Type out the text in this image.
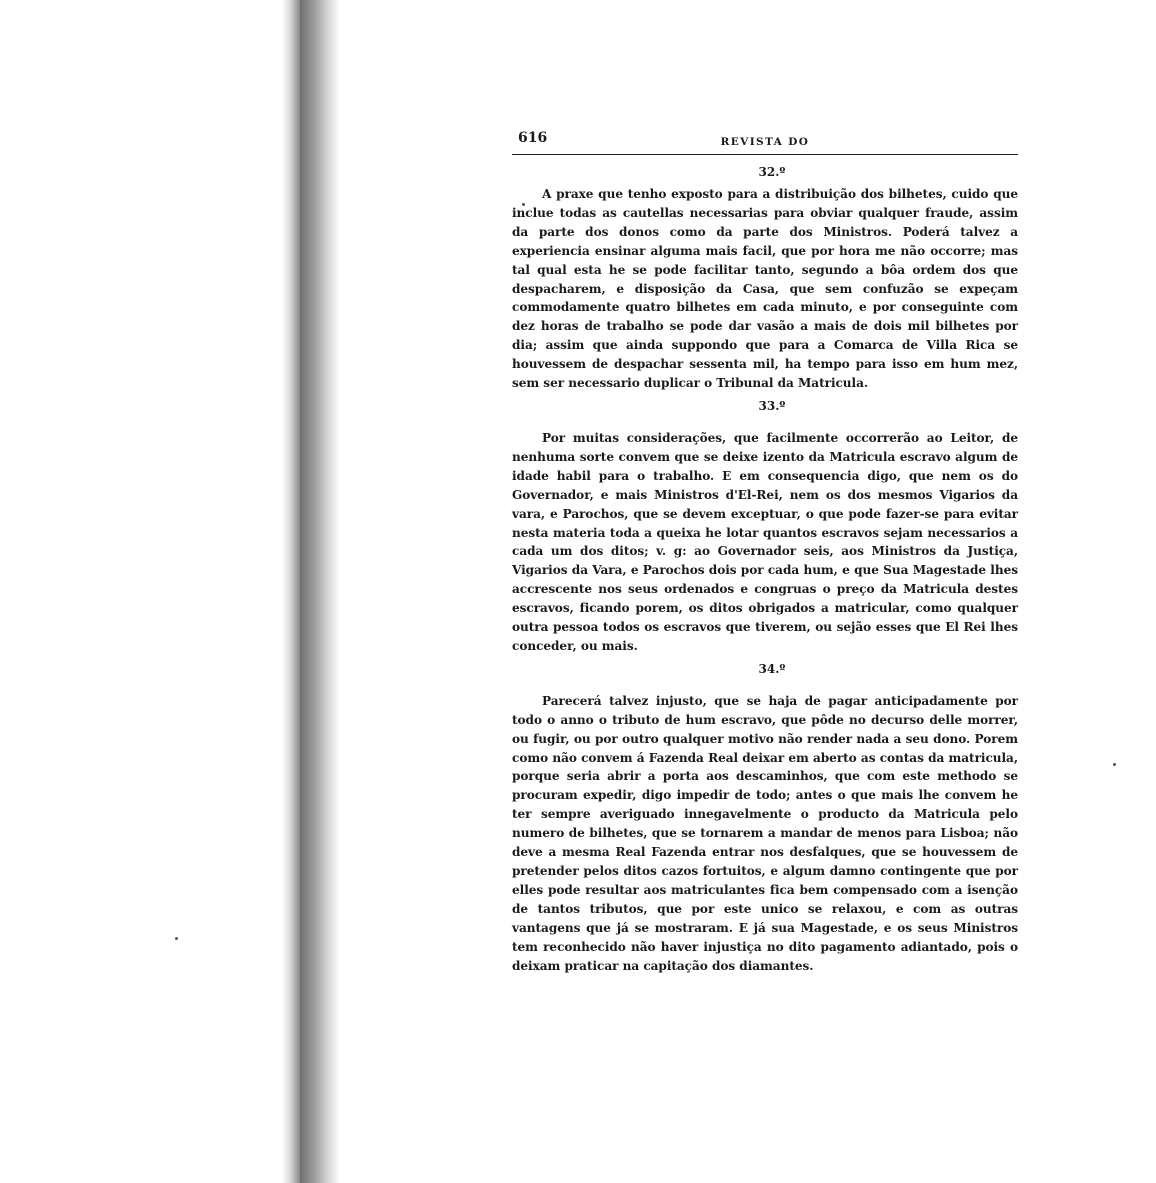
616	REVISTA DO
32.º

A praxe que tenho exposto para a distribuição dos bilhetes, cuido que inclue todas as cautellas necessarias para obviar qualquer fraude, assim da parte dos donos como da parte dos Ministros. Poderá talvez a experiencia ensinar alguma mais facil, que por hora me não occorre; mas tal qual esta he se pode facilitar tanto, segundo a bôa ordem dos que despacharem, e disposição da Casa, que sem confuzão se expeçam commodamente quatro bilhetes em cada minuto, e por conseguinte com dez horas de trabalho se pode dar vasão a mais de dois mil bilhetes por dia; assim que ainda suppondo que para a Comarca de Villa Rica se houvessem de despachar sessenta mil, ha tempo para isso em hum mez, sem ser necessario duplicar o Tribunal da Matricula.

33.º

Por muitas considerações, que facilmente occorrerão ao Leitor, de nenhuma sorte convem que se deixe izento da Matricula escravo algum de idade habil para o trabalho. E em consequencia digo, que nem os do Governador, e mais Ministros d'El-Rei, nem os dos mesmos Vigarios da vara, e Parochos, que se devem exceptuar, o que pode fazer-se para evitar nesta materia toda a queixa he lotar quantos escravos sejam necessarios a cada um dos ditos; v. g: ao Governador seis, aos Ministros da Justiça, Vigarios da Vara, e Parochos dois por cada hum, e que Sua Magestade lhes accrescente nos seus ordenados e congruas o preço da Matricula destes escravos, ficando porem, os ditos obrigados a matricular, como qualquer outra pessoa todos os escravos que tiverem, ou sejão esses que El Rei lhes conceder, ou mais.

34.º

Parecerá talvez injusto, que se haja de pagar anticipadamente por todo o anno o tributo de hum escravo, que pôde no decurso delle morrer, ou fugir, ou por outro qualquer motivo não render nada a seu dono. Porem como não convem á Fazenda Real deixar em aberto as contas da matricula, porque seria abrir a porta aos descaminhos, que com este methodo se procuram expedir, digo impedir de todo; antes o que mais lhe convem he ter sempre averiguado innegavelmente o producto da Matricula pelo numero de bilhetes, que se tornarem a mandar de menos para Lisboa; não deve a mesma Real Fazenda entrar nos desfalques, que se houvessem de pretender pelos ditos cazos fortuitos, e algum damno contingente que por elles pode resultar aos matriculantes fica bem compensado com a isenção de tantos tributos, que por este unico se relaxou, e com as outras vantagens que já se mostraram. E já sua Magestade, e os seus Ministros tem reconhecido não haver injustiça no dito pagamento adiantado, pois o deixam praticar na capitação dos diamantes.
